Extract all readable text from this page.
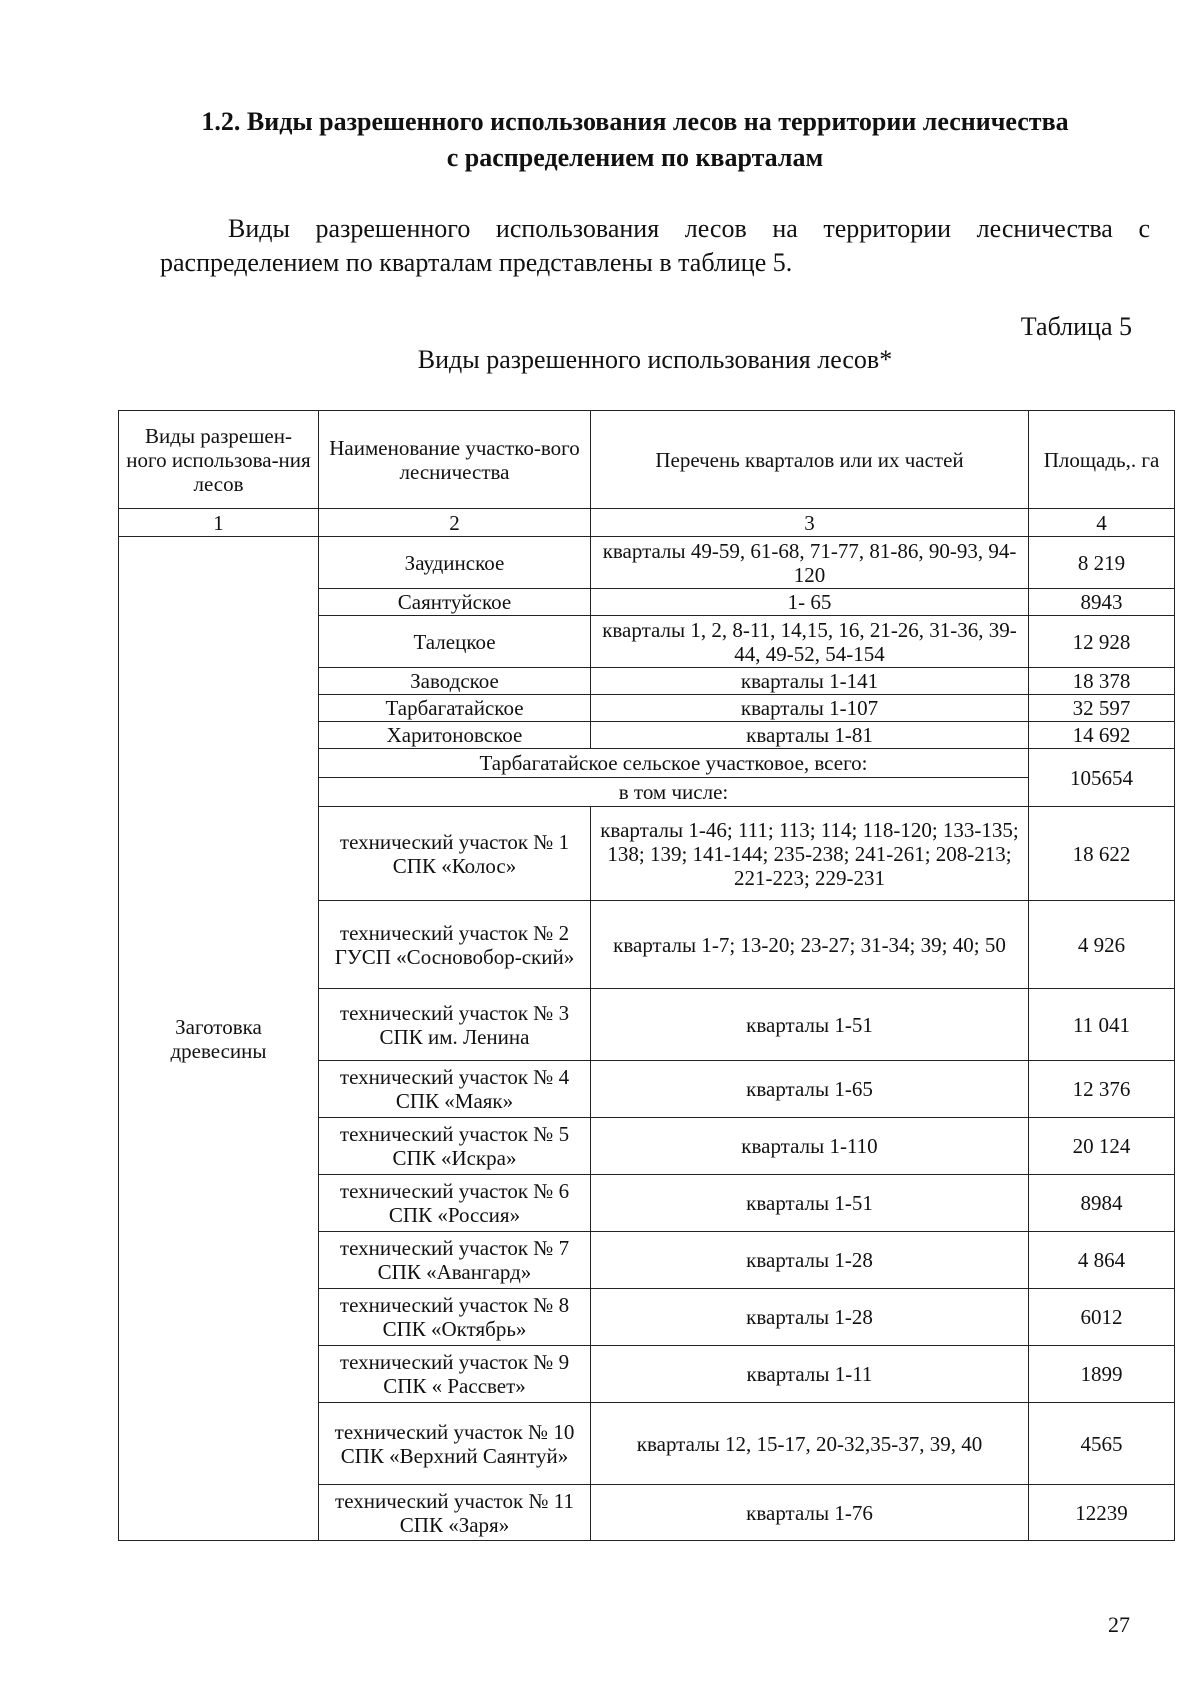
1.2. Виды разрешенного использования лесов на территории лесничества
с распределением по кварталам
Виды разрешенного использования лесов на территории лесничества с распределением по кварталам представлены в таблице 5.
Таблица 5
Виды разрешенного использования лесов*
Виды разрешен-ного использова-ния лесов	Наименование участко-вого лесничества	Перечень кварталов или их частей	Площадь,. га
1	2	3	4
Заготовка древесины	Заудинское	кварталы 49-59, 61-68, 71-77, 81-86, 90-93, 94-120	8 219
	Саянтуйское	1- 65	8943
	Талецкое	кварталы 1, 2, 8-11, 14,15, 16, 21-26, 31-36, 39-44, 49-52, 54-154	12 928
	Заводское	кварталы 1-141	18 378
	Тарбагатайское	кварталы 1-107	32 597
	Харитоновское	кварталы 1-81	14 692
	Тарбагатайское сельское участковое, всего:		105654
	в том числе:		
	технический участок № 1 СПК «Колос»	кварталы 1-46; 111; 113; 114; 118-120; 133-135; 138; 139; 141-144; 235-238; 241-261; 208-213; 221-223; 229-231	18 622
	технический участок № 2 ГУСП «Сосновобор-ский»	кварталы 1-7; 13-20; 23-27; 31-34; 39; 40; 50	4 926
	технический участок № 3 СПК им. Ленина	кварталы 1-51	11 041
	технический участок № 4 СПК «Маяк»	кварталы 1-65	12 376
	технический участок № 5 СПК «Искра»	кварталы 1-110	20 124
	технический участок № 6 СПК «Россия»	кварталы 1-51	8984
	технический участок № 7 СПК «Авангард»	кварталы 1-28	4 864
	технический участок № 8 СПК «Октябрь»	кварталы 1-28	6012
	технический участок № 9 СПК « Рассвет»	кварталы 1-11	1899
	технический участок № 10 СПК «Верхний Саянтуй»	кварталы 12, 15-17, 20-32,35-37, 39, 40	4565
	технический участок № 11 СПК «Заря»	кварталы 1-76	12239
27
